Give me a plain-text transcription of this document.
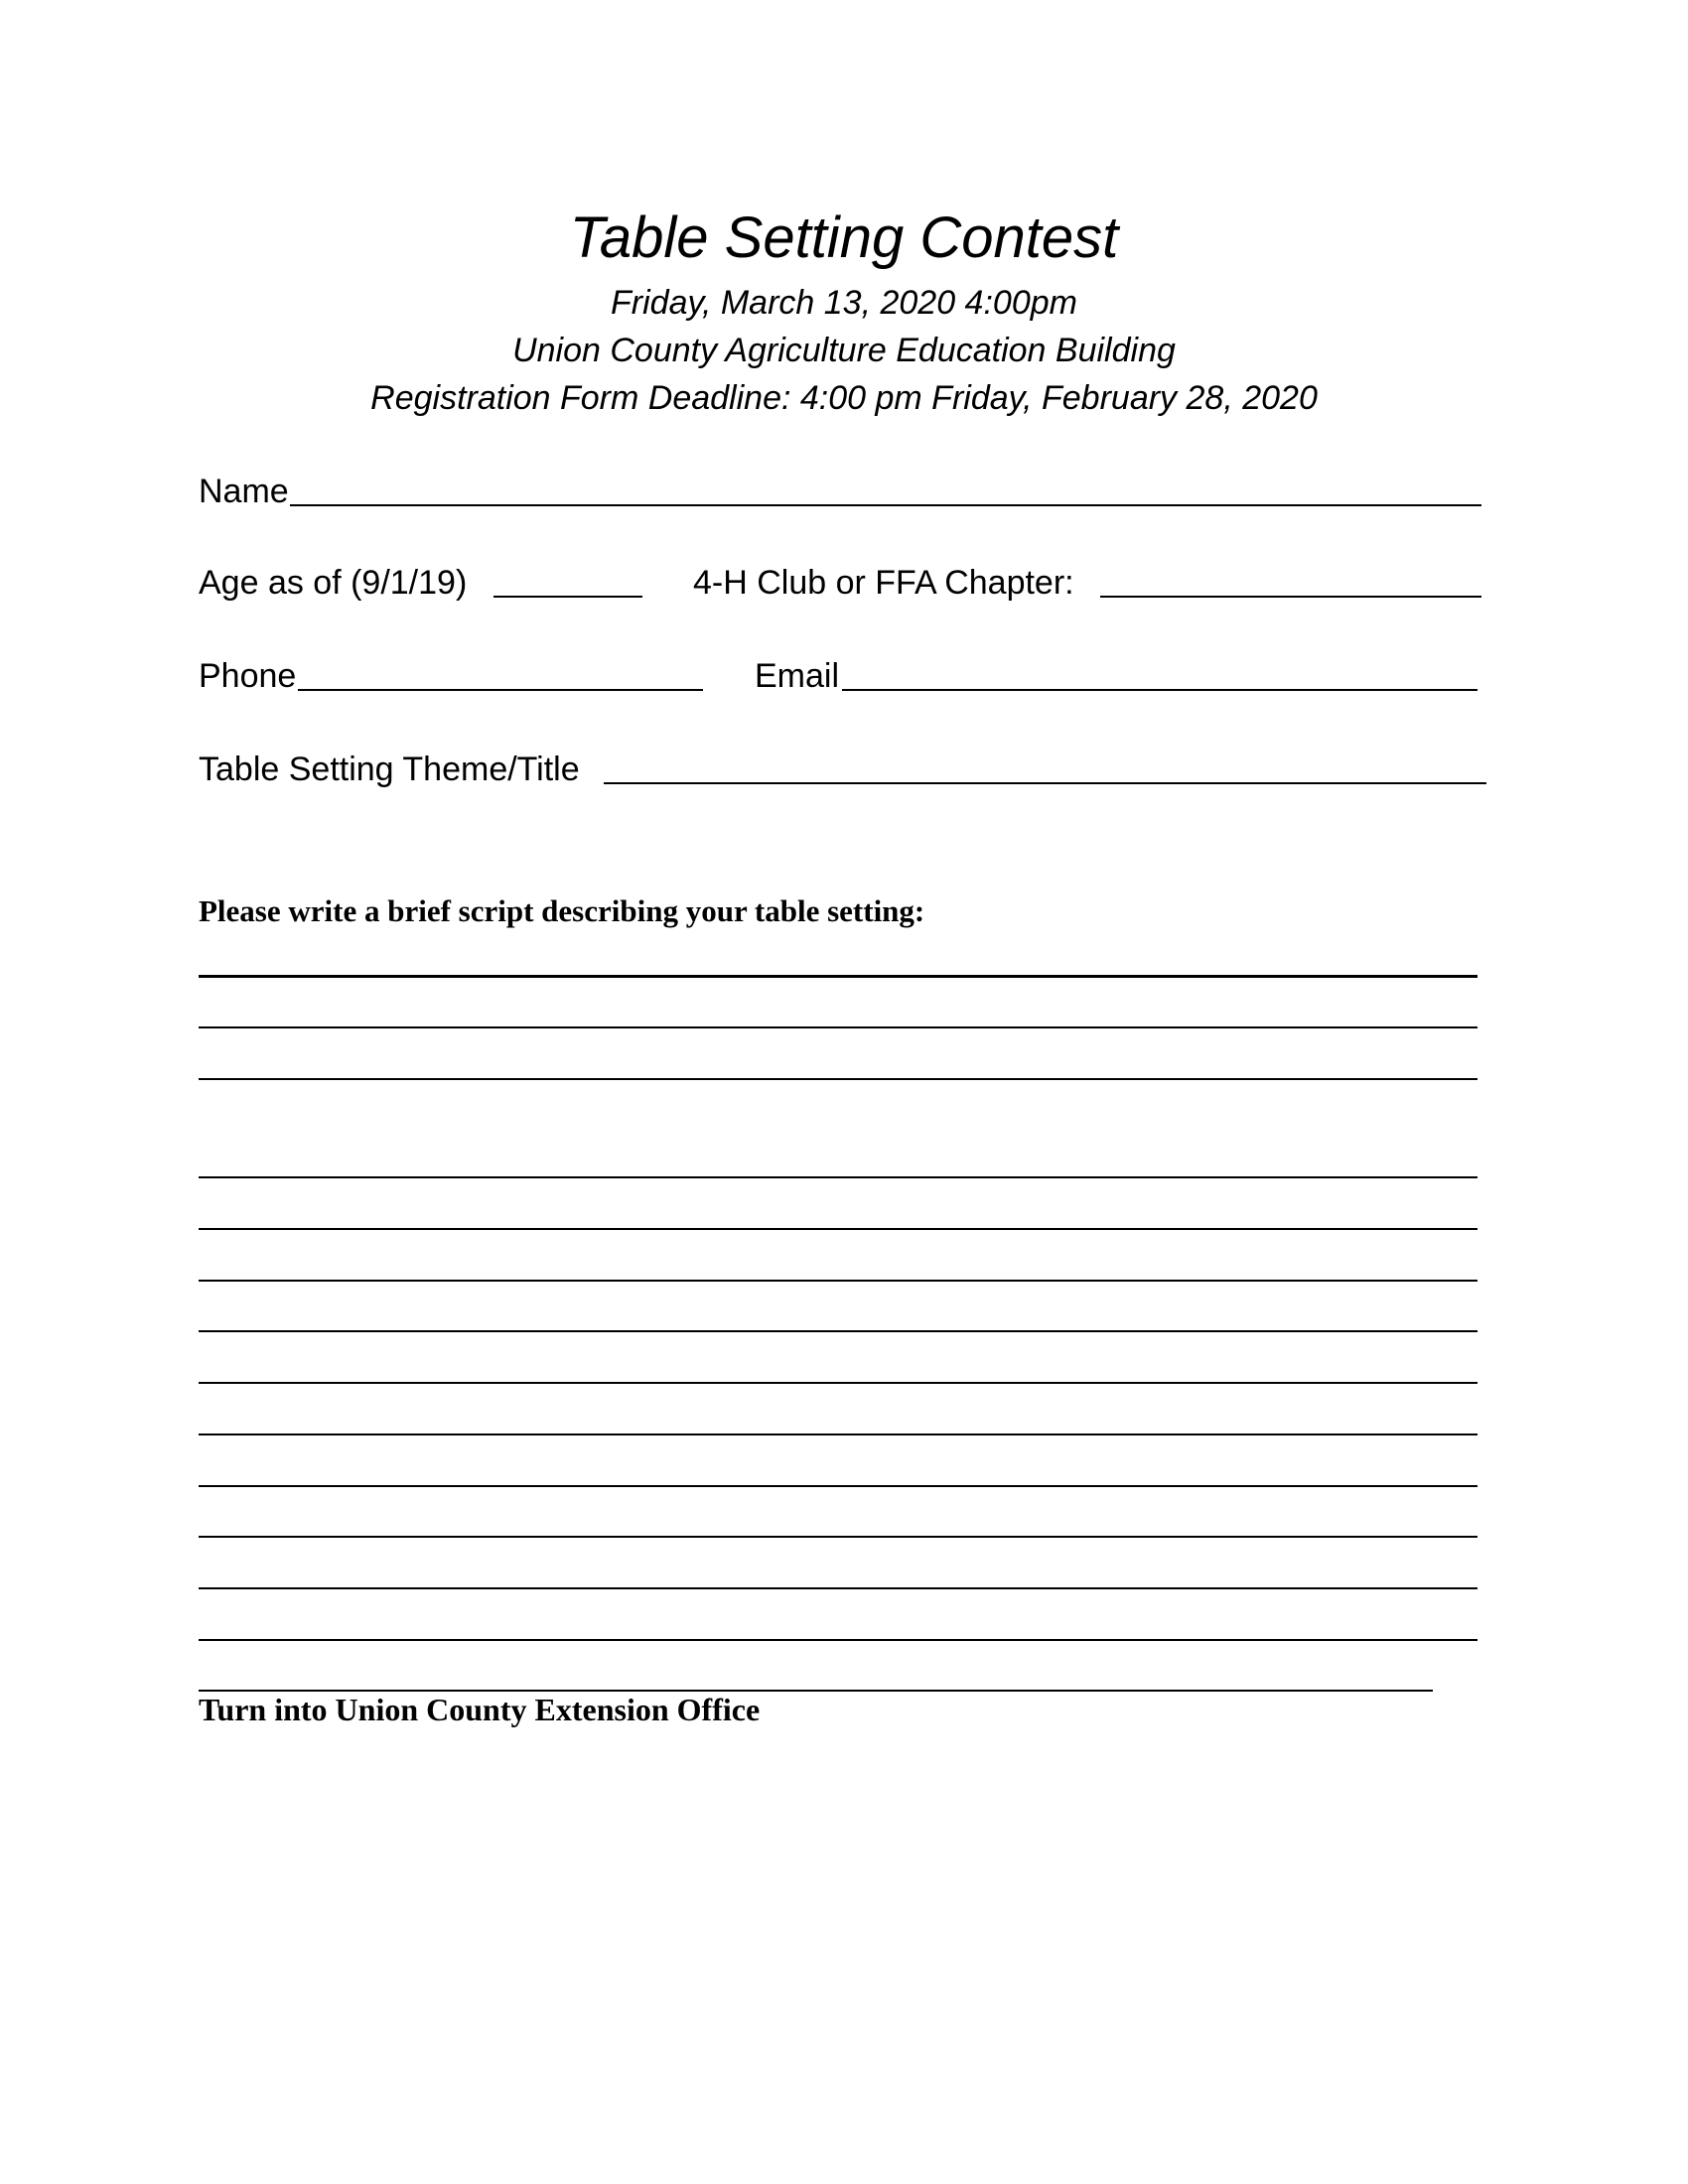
Table Setting Contest
Friday, March 13, 2020 4:00pm
Union County Agriculture Education Building
Registration Form Deadline: 4:00 pm Friday, February 28, 2020
Name
Age as of (9/1/19)	4-H Club or FFA Chapter:
Phone	Email
Table Setting Theme/Title
Please write a brief script describing your table setting:
Turn into Union County Extension Office
